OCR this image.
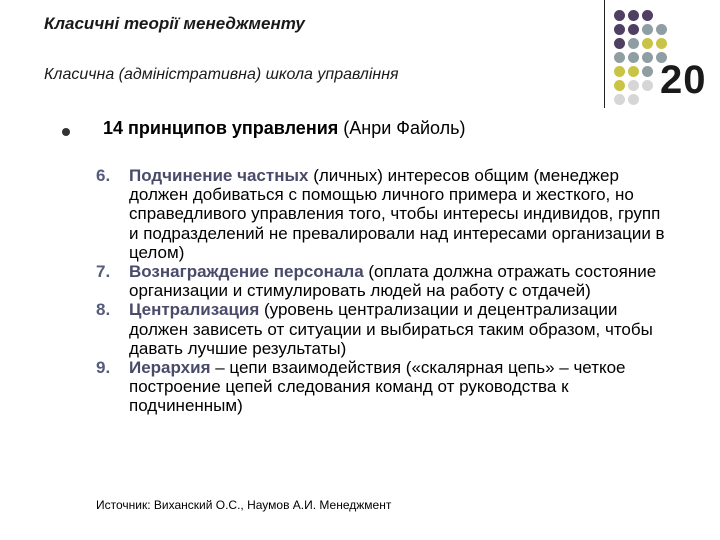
Класичні теорії менеджменту
Класична (адміністративна) школа управління	20
14 принципов управления (Анри Файоль)

6. Подчинение частных (личных) интересов общим (менеджер должен добиваться с помощью личного примера и жесткого, но справедливого управления того, чтобы интересы индивидов, групп и подразделений не превалировали над интересами организации в целом)

7. Вознаграждение персонала (оплата должна отражать состояние организации и стимулировать людей на работу с отдачей)

8. Централизация (уровень централизации и децентрализации должен зависеть от ситуации и выбираться таким образом, чтобы давать лучшие результаты)

9. Иерархия – цепи взаимодействия («скалярная цепь» – четкое построение цепей следования команд от руководства к подчиненным)

Источник: Виханский О.С., Наумов А.И. Менеджмент
